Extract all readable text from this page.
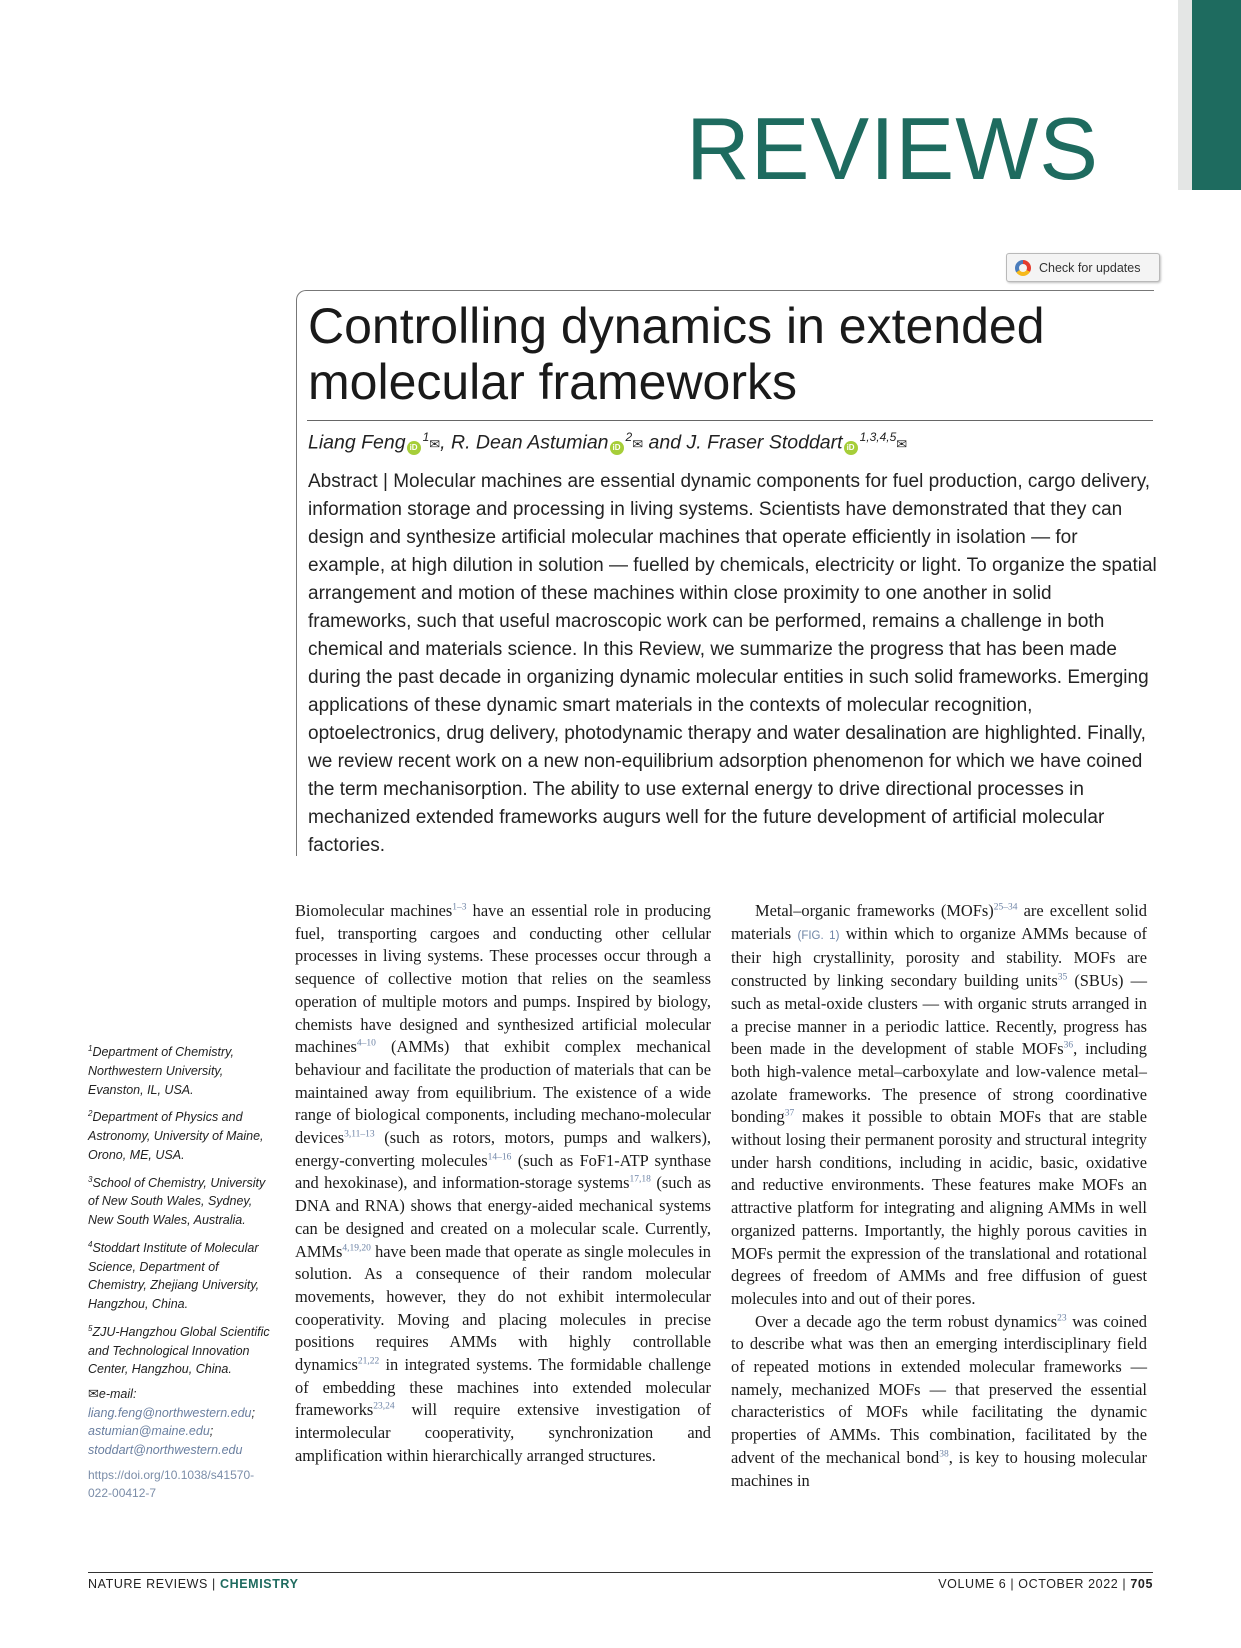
REVIEWS
Check for updates
Controlling dynamics in extended molecular frameworks
Liang Feng $iD^1✉$, R. Dean Astumian $iD^2✉$ and J. Fraser Stoddart iD$^{1,3,4,5}$✉

Abstract | Molecular machines are essential dynamic components for fuel production, cargo delivery, information storage and processing in living systems. Scientists have demonstrated that they can design and synthesize artificial molecular machines that operate efficiently in isolation — for example, at high dilution in solution — fuelled by chemicals, electricity or light. To organize the spatial arrangement and motion of these machines within close proximity to one another in solid frameworks, such that useful macroscopic work can be performed, remains a challenge in both chemical and materials science. In this Review, we summarize the progress that has been made during the past decade in organizing dynamic molecular entities in such solid frameworks. Emerging applications of these dynamic smart materials in the contexts of molecular recognition, optoelectronics, drug delivery, photodynamic therapy and water desalination are highlighted. Finally, we review recent work on a new non-equilibrium adsorption phenomenon for which we have coined the term mechanisorption. The ability to use external energy to drive directional processes in mechanized extended frameworks augurs well for the future development of artificial molecular factories.

$^1$Department of Chemistry, Northwestern University, Evanston, IL, USA.

$^2$Department of Physics and Astronomy, University of Maine, Orono, ME, USA.

$^3$School of Chemistry, University of New South Wales, Sydney, New South Wales, Australia.

$^4$Stoddart Institute of Molecular Science, Department of Chemistry, Zhejiang University, Hangzhou, China.

$^5$ZJU-Hangzhou Global Scientific and Technological Innovation Center, Hangzhou, China.

✉e-mail: liang.feng@northwestern.edu; astumian@maine.edu; stoddart@northwestern.edu

https://doi.org/10.1038/s41570-022-00412-7

Biomolecular machines$^{1-3}$ have an essential role in producing fuel, transporting cargoes and conducting other cellular processes in living systems. These processes occur through a sequence of collective motion that relies on the seamless operation of multiple motors and pumps. Inspired by biology, chemists have designed and synthesized artificial molecular machines$^{4-10}$ (AMMs) that exhibit complex mechanical behaviour and facilitate the production of materials that can be maintained away from equilibrium. The existence of a wide range of biological components, including mechano-molecular devices$^{3,11-13}$ (such as rotors, motors, pumps and walkers), energy-converting molecules$^{14-16}$ (such as FoF1-ATP synthase and hexokinase), and information-storage systems$^{17,18}$ (such as DNA and RNA) shows that energy-aided mechanical systems can be designed and created on a molecular scale. Currently, AMMs$^{4,19,20}$ have been made that operate as single molecules in solution. As a consequence of their random molecular movements, however, they do not exhibit intermolecular cooperativity. Moving and placing molecules in precise positions requires AMMs with highly controllable dynamics$^{21,22}$ in integrated systems. The formidable challenge of embedding these machines into extended molecular frameworks$^{23,24}$ will require extensive investigation of intermolecular cooperativity, synchronization and amplification within hierarchically arranged structures.

Metal–organic frameworks (MOFs)$^{25-34}$ are excellent solid materials (FIG. 1) within which to organize AMMs because of their high crystallinity, porosity and stability. MOFs are constructed by linking secondary building units$^{35}$ (SBUs) — such as metal-oxide clusters — with organic struts arranged in a precise manner in a periodic lattice. Recently, progress has been made in the development of stable MOFs$^{36}$, including both high-valence metal–carboxylate and low-valence metal–azolate frameworks. The presence of strong coordinative bonding$^{37}$ makes it possible to obtain MOFs that are stable without losing their permanent porosity and structural integrity under harsh conditions, including in acidic, basic, oxidative and reductive environments. These features make MOFs an attractive platform for integrating and aligning AMMs in well organized patterns. Importantly, the highly porous cavities in MOFs permit the expression of the translational and rotational degrees of freedom of AMMs and free diffusion of guest molecules into and out of their pores.

Over a decade ago the term robust dynamics$^{23}$ was coined to describe what was then an emerging interdisciplinary field of repeated motions in extended molecular frameworks — namely, mechanized MOFs — that preserved the essential characteristics of MOFs while facilitating the dynamic properties of AMMs. This combination, facilitated by the advent of the mechanical bond$^{38}$, is key to housing molecular machines in

NATURE REVIEWS | CHEMISTRY	VOLUME 6 | OCTOBER 2022 | 705
